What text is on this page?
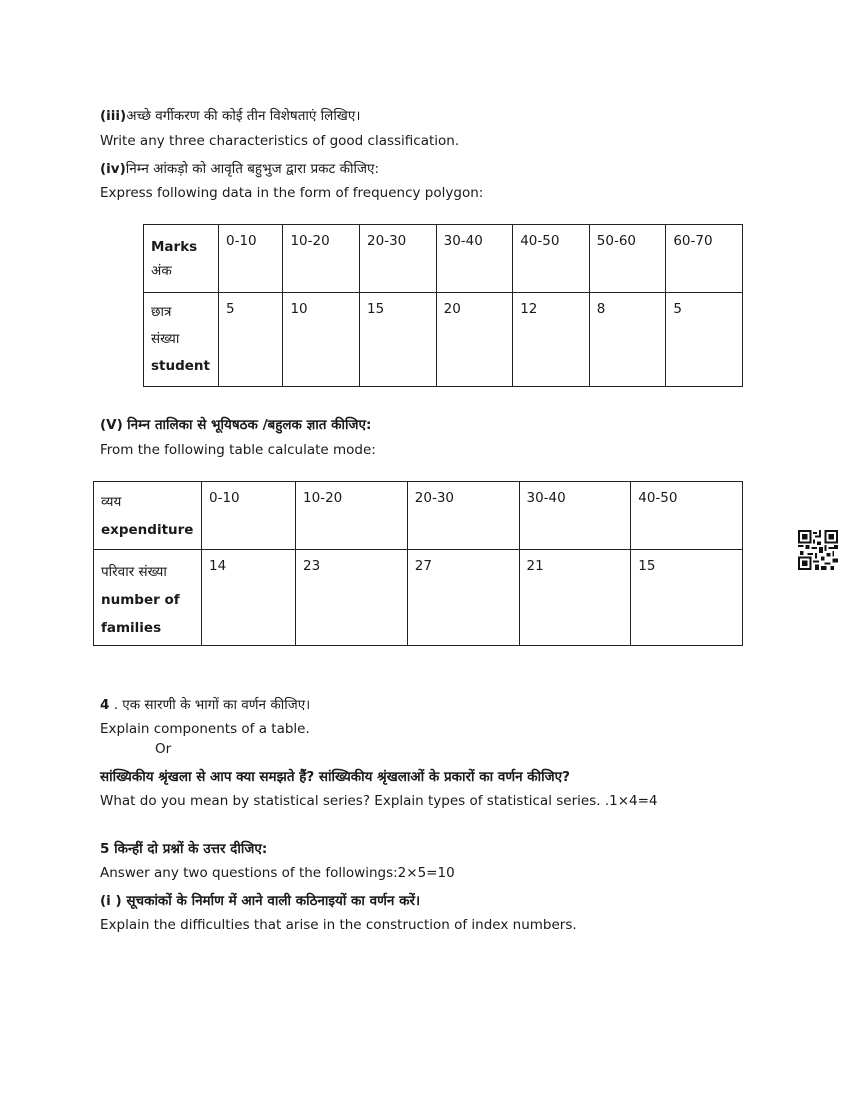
(iii)अच्छे वर्गीकरण की कोई तीन विशेषताएं लिखिए।
Write any three characteristics of good classification.
(iv)निम्न आंकड़ो को आवृति बहुभुज द्वारा प्रकट कीजिए:
Express following data in the form of frequency polygon:
Marks
अंक	0-10	10-20	20-30	30-40	40-50	50-60	60-70
छात्र
संख्या
student	5	10	15	20	12	8	5
(V) निम्न तालिका से भूयिषठक /बहुलक ज्ञात कीजिए:
From the following table calculate mode:
व्यय
expenditure	0-10	10-20	20-30	30-40	40-50
परिवार संख्या
number of
families	14	23	27	21	15
4 . एक सारणी के भागों का वर्णन कीजिए।
Explain components of a table.
Or
सांख्यिकीय श्रृंखला से आप क्या समझते हैं? सांख्यिकीय श्रृंखलाओं के प्रकारों का वर्णन कीजिए?
What do you mean by statistical series? Explain types of statistical series. .1×4=4
5 किन्हीं दो प्रश्नों के उत्तर दीजिए:
Answer any two questions of the followings:2×5=10
(i ) सूचकांकों के निर्माण में आने वाली कठिनाइयों का वर्णन करें।
Explain the difficulties that arise in the construction of index numbers.
